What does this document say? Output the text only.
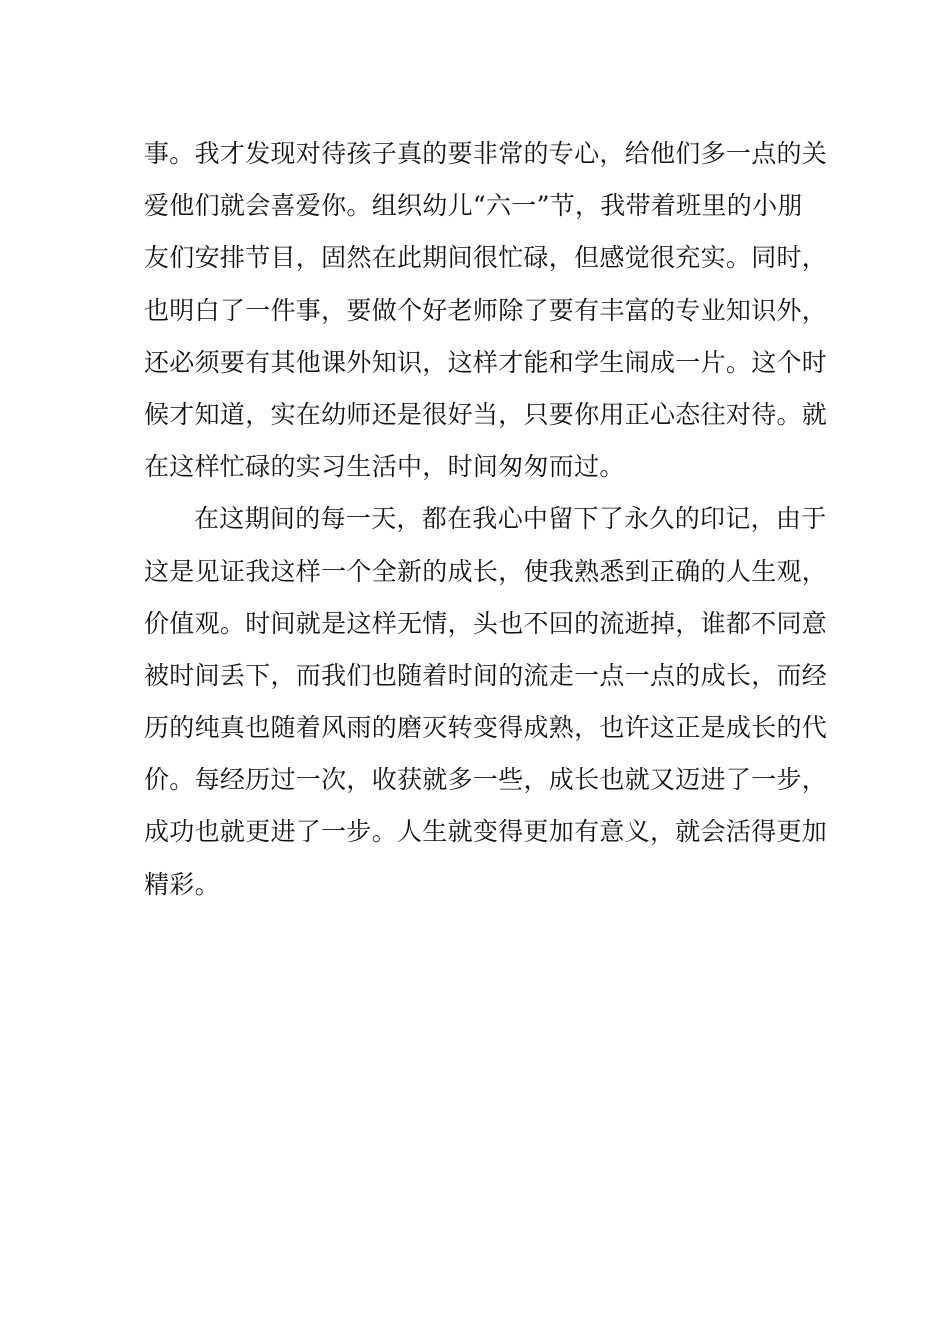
事。我才发现对待孩子真的要非常的专心，给他们多一点的关
爱他们就会喜爱你。组织幼儿“六一”节，我带着班里的小朋
友们安排节目，固然在此期间很忙碌，但感觉很充实。同时，
也明白了一件事，要做个好老师除了要有丰富的专业知识外，
还必须要有其他课外知识，这样才能和学生闹成一片。这个时
候才知道，实在幼师还是很好当，只要你用正心态往对待。就
在这样忙碌的实习生活中，时间匆匆而过。
在这期间的每一天，都在我心中留下了永久的印记，由于
这是见证我这样一个全新的成长，使我熟悉到正确的人生观，
价值观。时间就是这样无情，头也不回的流逝掉，谁都不同意
被时间丢下，而我们也随着时间的流走一点一点的成长，而经
历的纯真也随着风雨的磨灭转变得成熟，也许这正是成长的代
价。每经历过一次，收获就多一些，成长也就又迈进了一步，
成功也就更进了一步。人生就变得更加有意义，就会活得更加
精彩。
